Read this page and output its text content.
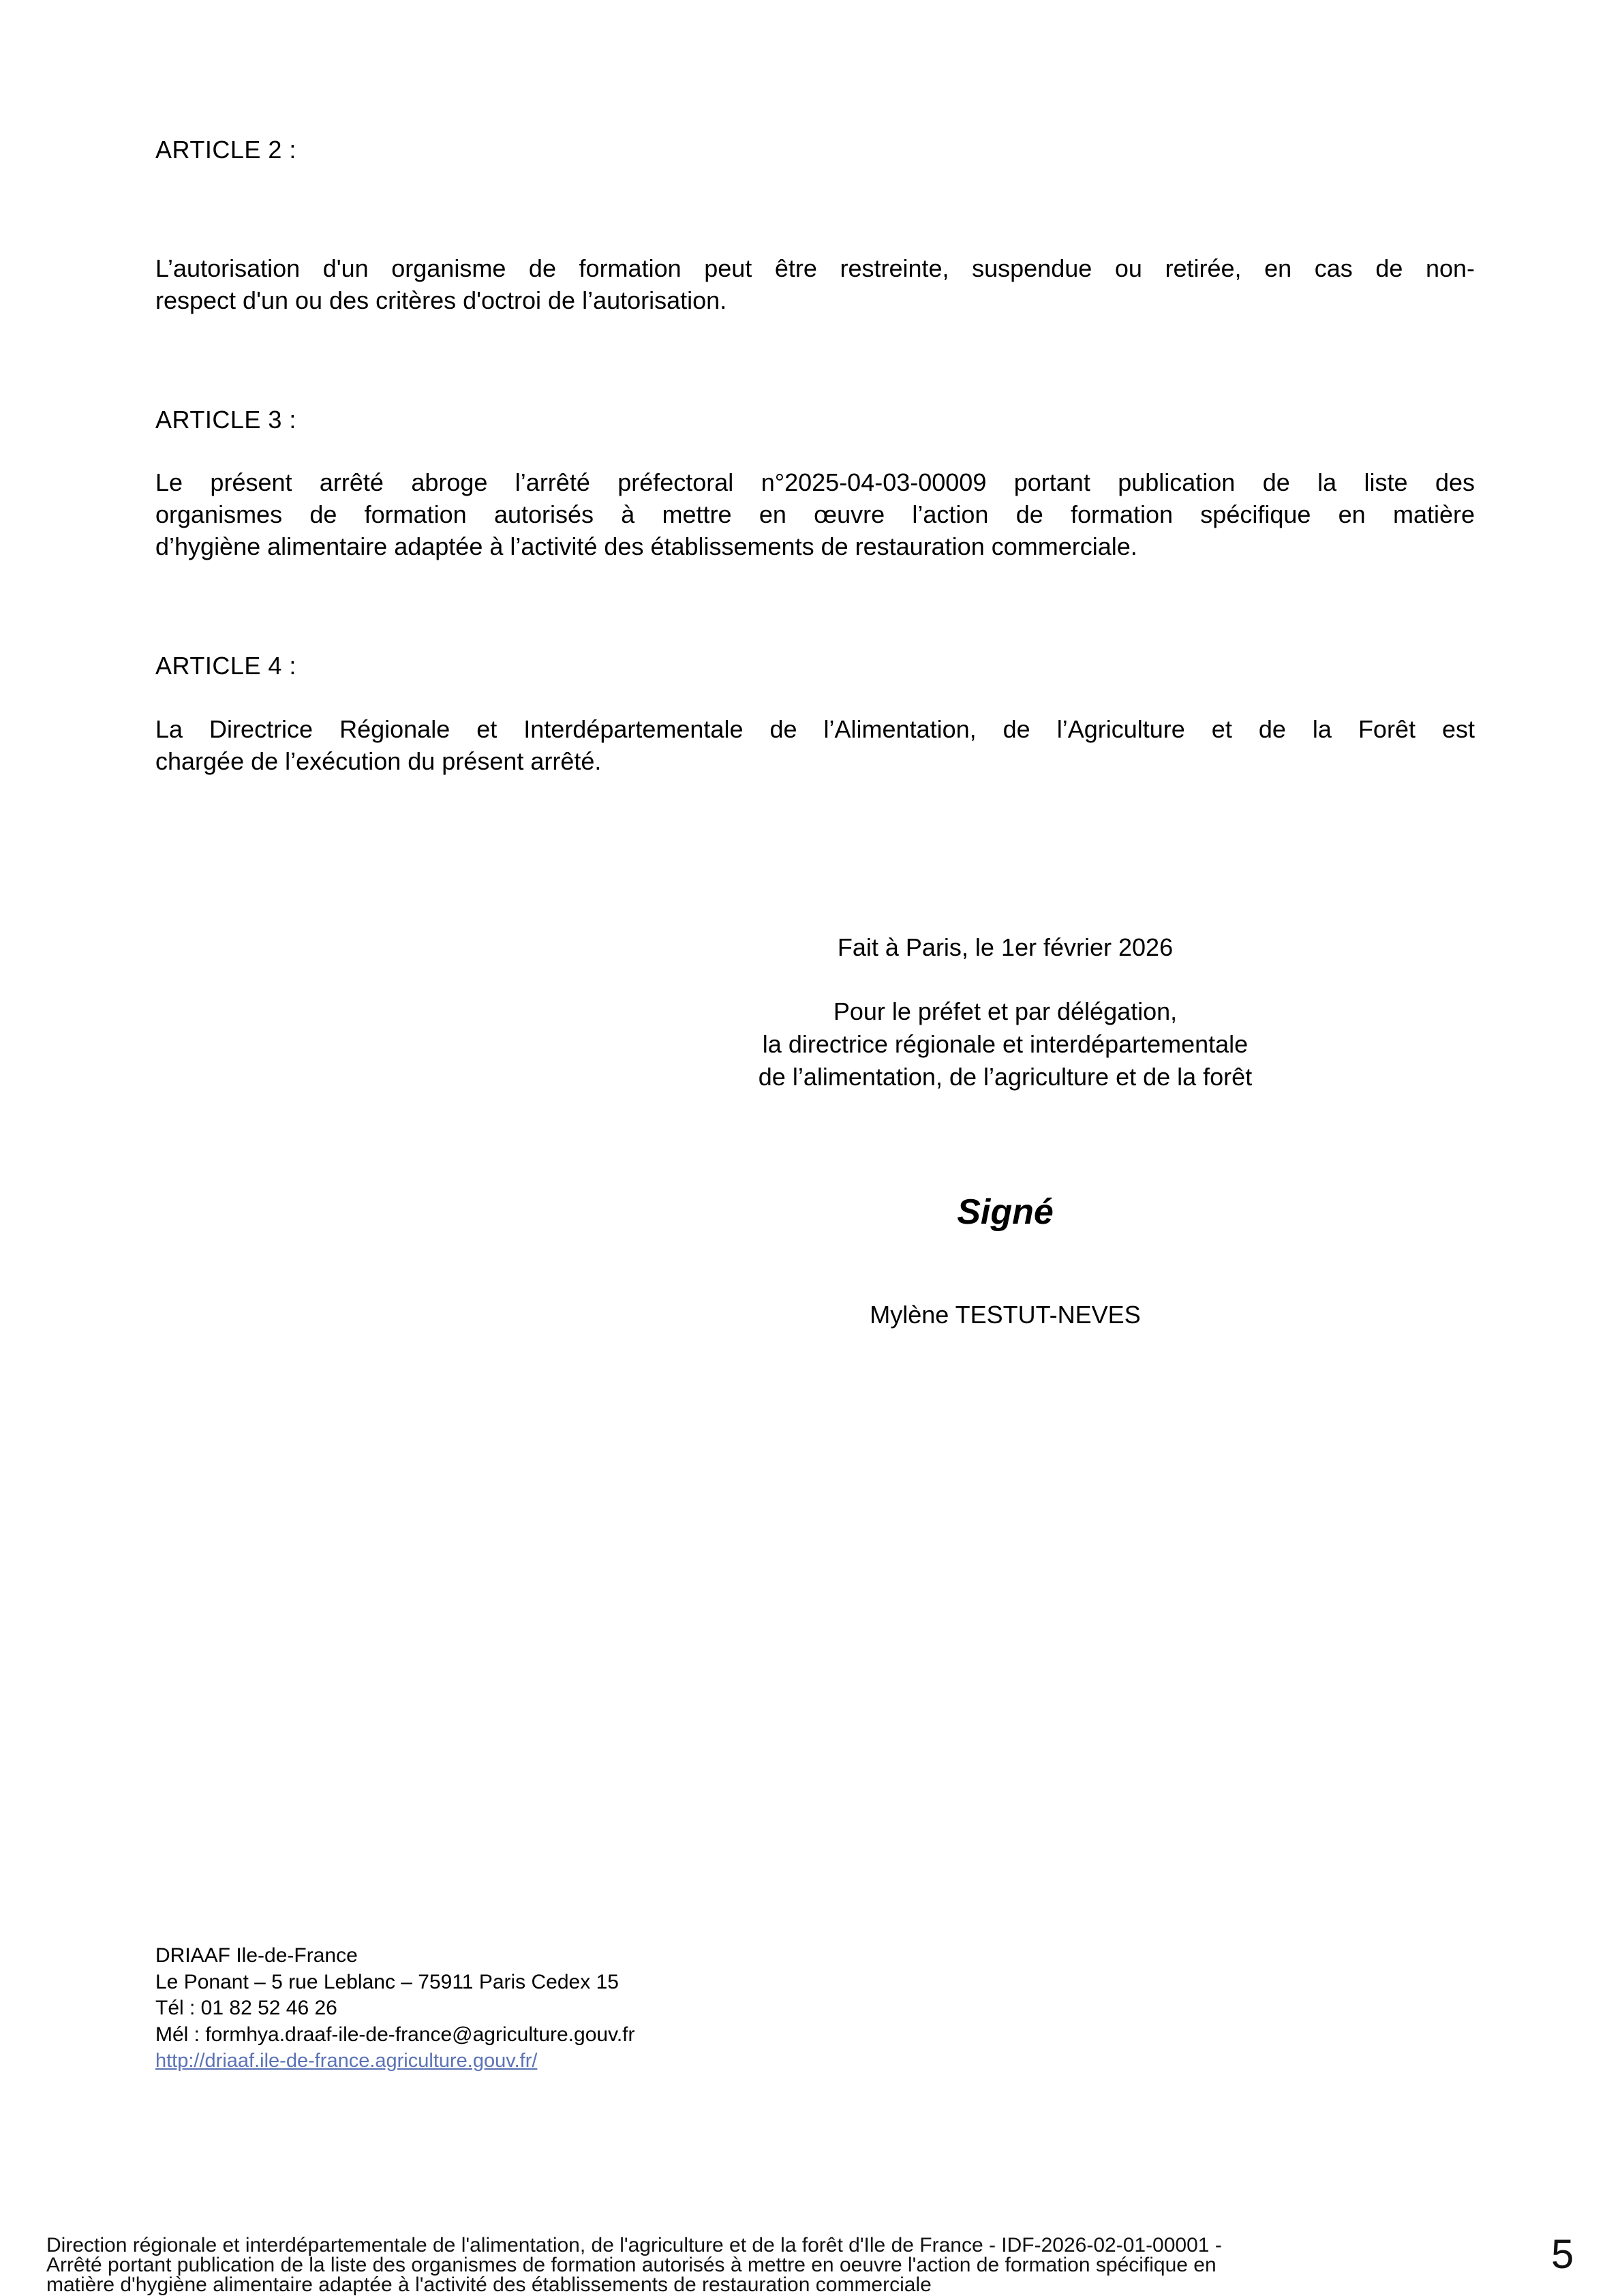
ARTICLE 2 :
L’autorisation d'un organisme de formation peut être restreinte, suspendue ou retirée, en cas de non-
respect d'un ou des critères d'octroi de l’autorisation.
ARTICLE 3 :
Le présent arrêté abroge l’arrêté préfectoral n°2025-04-03-00009 portant publication de la liste des
organismes de formation autorisés à mettre en œuvre l’action de formation spécifique en matière
d’hygiène alimentaire adaptée à l’activité des établissements de restauration commerciale.
ARTICLE 4 :
La Directrice Régionale et Interdépartementale de l’Alimentation, de l’Agriculture et de la Forêt est
chargée de l’exécution du présent arrêté.
Fait à Paris, le 1er février 2026
Pour le préfet et par délégation,
la directrice régionale et interdépartementale
de l’alimentation, de l’agriculture et de la forêt
Signé
Mylène TESTUT-NEVES
DRIAAF Ile-de-France
Le Ponant – 5 rue Leblanc – 75911 Paris Cedex 15
Tél : 01 82 52 46 26
Mél : formhya.draaf-ile-de-france@agriculture.gouv.fr
http://driaaf.ile-de-france.agriculture.gouv.fr/
Direction régionale et interdépartementale de l'alimentation, de l'agriculture et de la forêt d'Ile de France - IDF-2026-02-01-00001 -
Arrêté portant publication de la liste des organismes de formation autorisés à mettre en oeuvre l'action de formation spécifique en
matière d'hygiène alimentaire adaptée à l'activité des établissements de restauration commerciale
5
